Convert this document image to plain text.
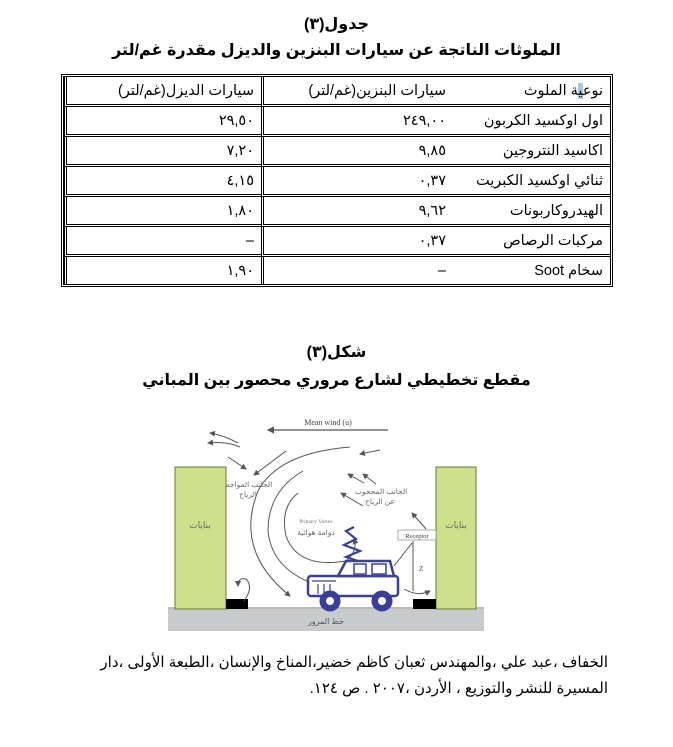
جدول(٣)
الملوثات الناتجة عن سيارات البنزين والديزل مقدرة غم/لتر
نوعية الملوث	سيارات البنزين(غم/لتر)	سيارات الديزل(غم/لتر)
اول اوكسيد الكربون	٢٤٩,٠٠	٢٩,٥٠
اكاسيد النتروجين	٩,٨٥	٧,٢٠
ثنائي اوكسيد الكبريت	٠,٣٧	٤,١٥
الهيدروكاربونات	٩,٦٢	١,٨٠
مركبات الرصاص	٠,٣٧	–
سخام Soot	–	١,٩٠
شكل(٣)
مقطع تخطيطي لشارع مروري محصور بين المباني
خط المرور
بنايات	بنايات
Mean wind (u)
الجانب المواجه الرياح	الجانب المحجوب عن الرياح
Primary Vortex
دوامة هوائية	Receptor
Z
الخفاف ،عبد علي ،والمهندس ثعبان كاظم خضير،المناخ والإنسان ،الطبعة الأولى ،دار
المسيرة للنشر والتوزيع ، الأردن ،٢٠٠٧ . ص ١٢٤.
